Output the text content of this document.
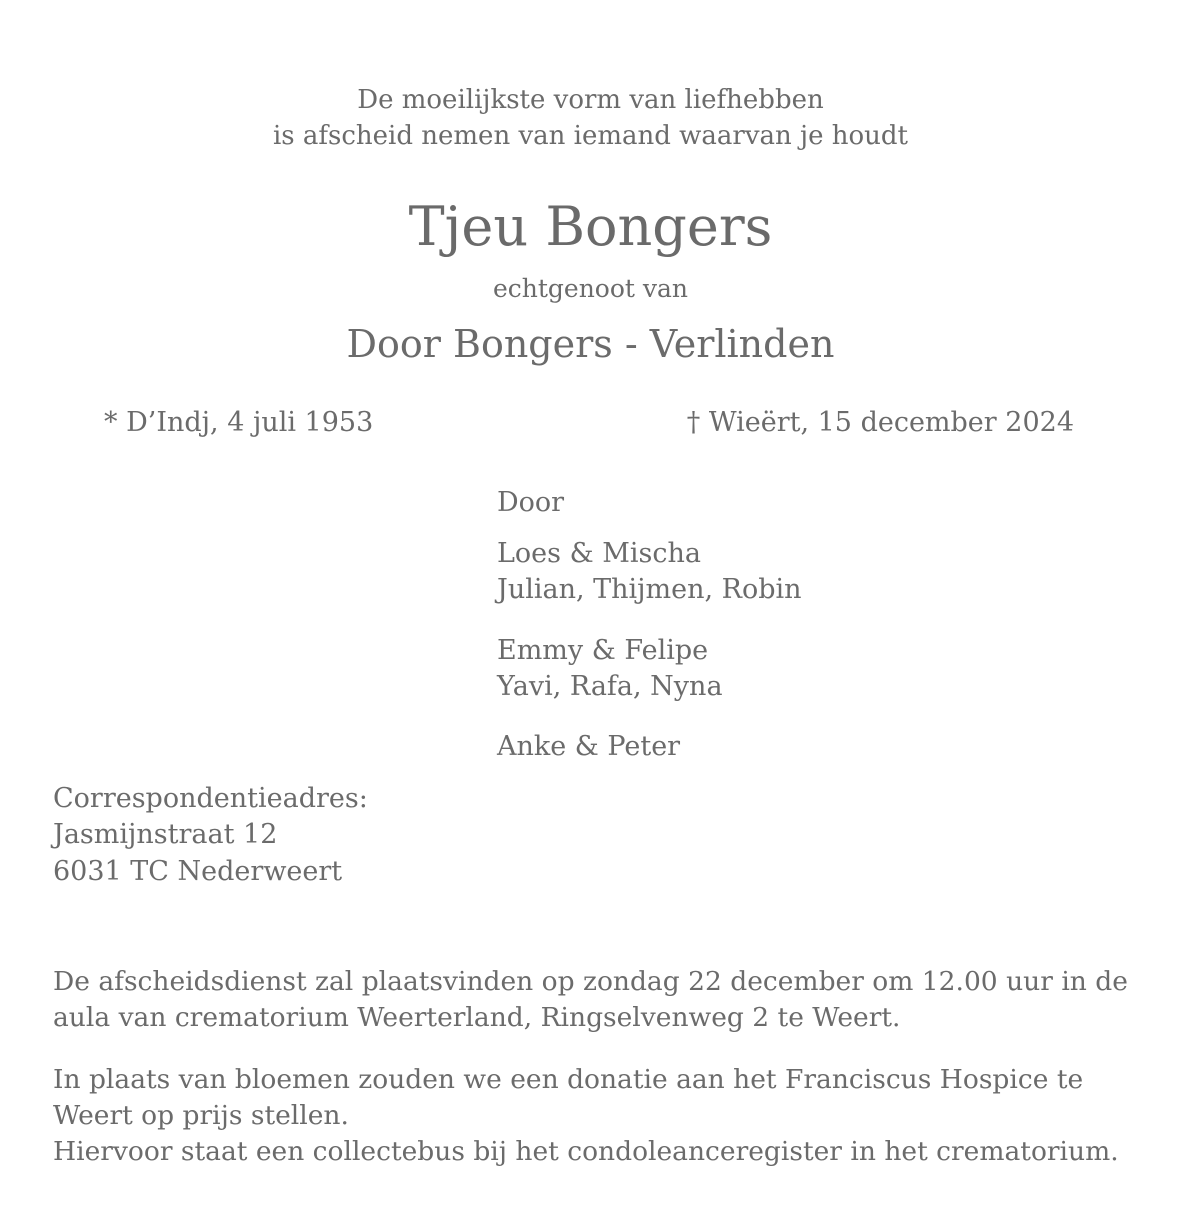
De moeilijkste vorm van liefhebben
is afscheid nemen van iemand waarvan je houdt
Tjeu Bongers
echtgenoot van
Door Bongers - Verlinden
* D’Indj, 4 juli 1953	† Wieërt, 15 december 2024
Door
Loes & Mischa
Julian, Thijmen, Robin
Emmy & Felipe
Yavi, Rafa, Nyna
Anke & Peter
Correspondentieadres:
Jasmijnstraat 12
6031 TC Nederweert
De afscheidsdienst zal plaatsvinden op zondag 22 december om 12.00 uur in de aula van crematorium Weerterland, Ringselvenweg 2 te Weert.
In plaats van bloemen zouden we een donatie aan het Franciscus Hospice te Weert op prijs stellen.
Hiervoor staat een collectebus bij het condoleanceregister in het crematorium.
